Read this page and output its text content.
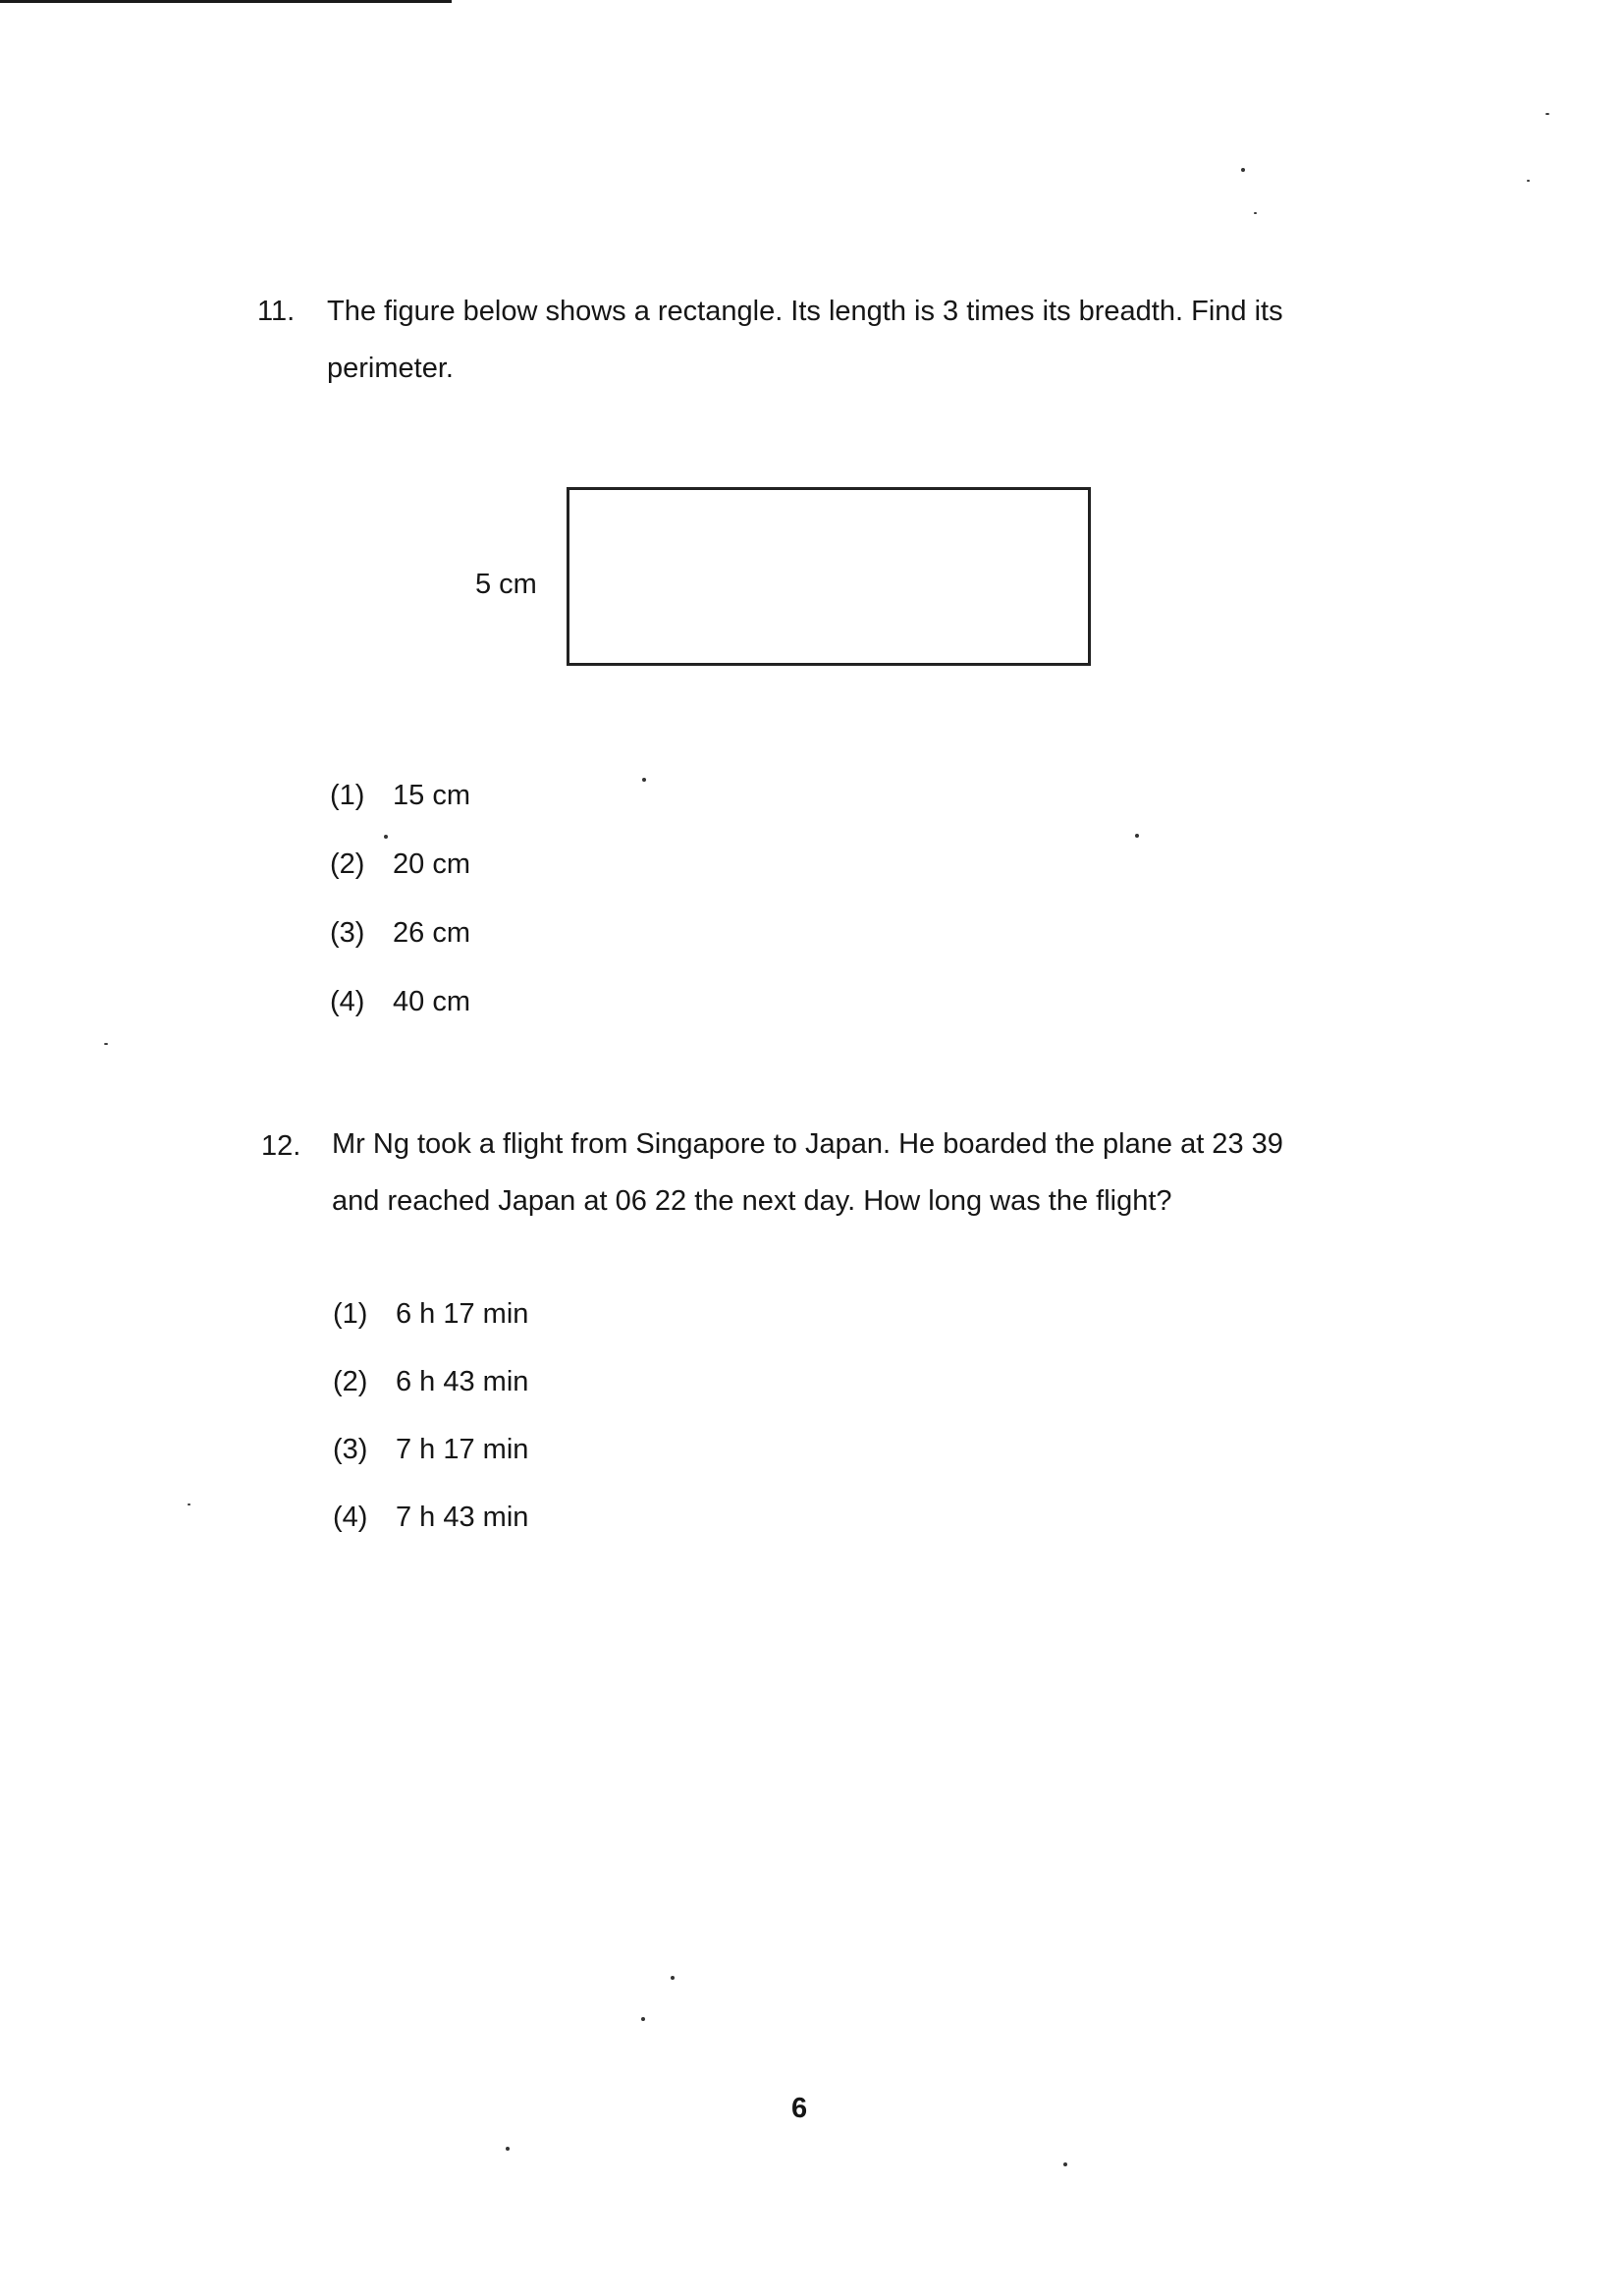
11. The figure below shows a rectangle. Its length is 3 times its breadth. Find its
perimeter.
5 cm
(1) 15 cm
(2) 20 cm
(3) 26 cm
(4) 40 cm
12. Mr Ng took a flight from Singapore to Japan. He boarded the plane at 23 39
and reached Japan at 06 22 the next day. How long was the flight?
(1) 6 h 17 min
(2) 6 h 43 min
(3) 7 h 17 min
(4) 7 h 43 min
6
